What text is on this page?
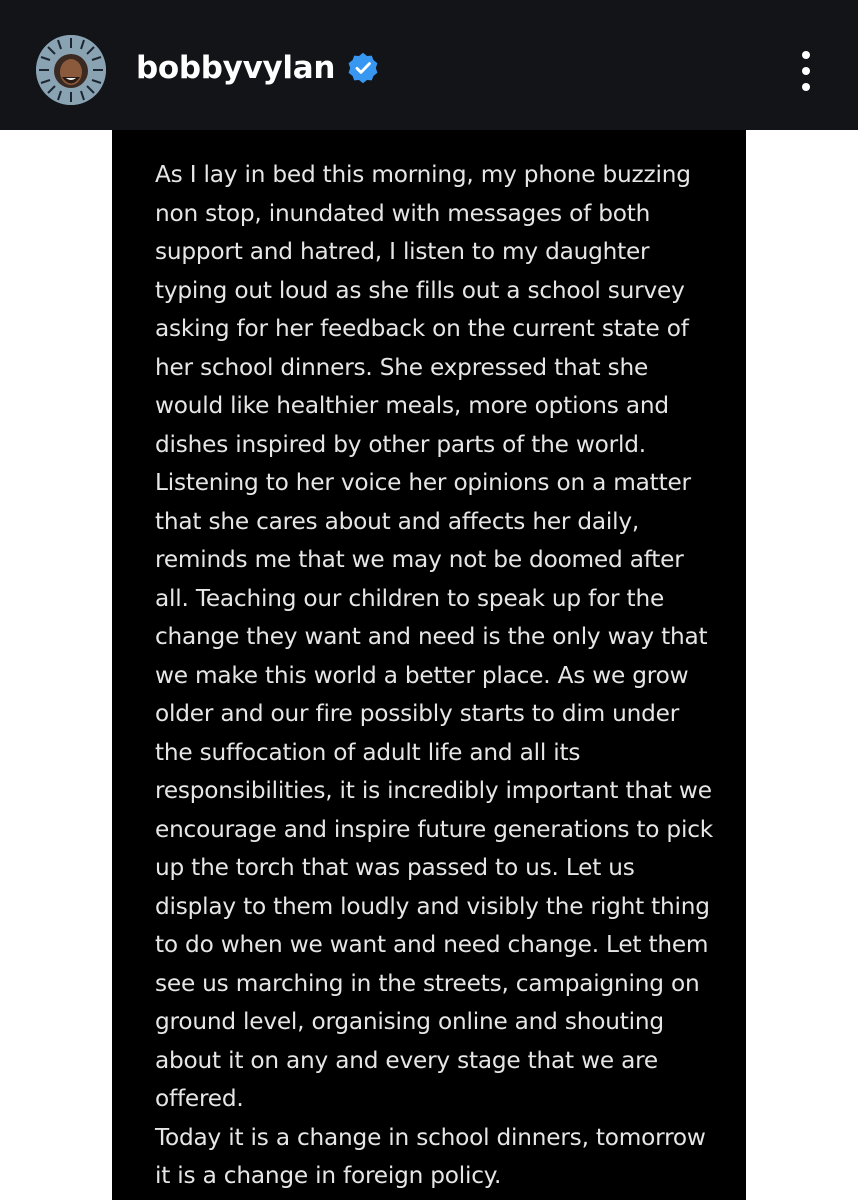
bobbyvylan

As I lay in bed this morning, my phone buzzing
non stop, inundated with messages of both
support and hatred, I listen to my daughter
typing out loud as she fills out a school survey
asking for her feedback on the current state of
her school dinners. She expressed that she
would like healthier meals, more options and
dishes inspired by other parts of the world.
Listening to her voice her opinions on a matter
that she cares about and affects her daily,
reminds me that we may not be doomed after
all. Teaching our children to speak up for the
change they want and need is the only way that
we make this world a better place. As we grow
older and our fire possibly starts to dim under
the suffocation of adult life and all its
responsibilities, it is incredibly important that we
encourage and inspire future generations to pick
up the torch that was passed to us. Let us
display to them loudly and visibly the right thing
to do when we want and need change. Let them
see us marching in the streets, campaigning on
ground level, organising online and shouting
about it on any and every stage that we are
offered.
Today it is a change in school dinners, tomorrow
it is a change in foreign policy.
